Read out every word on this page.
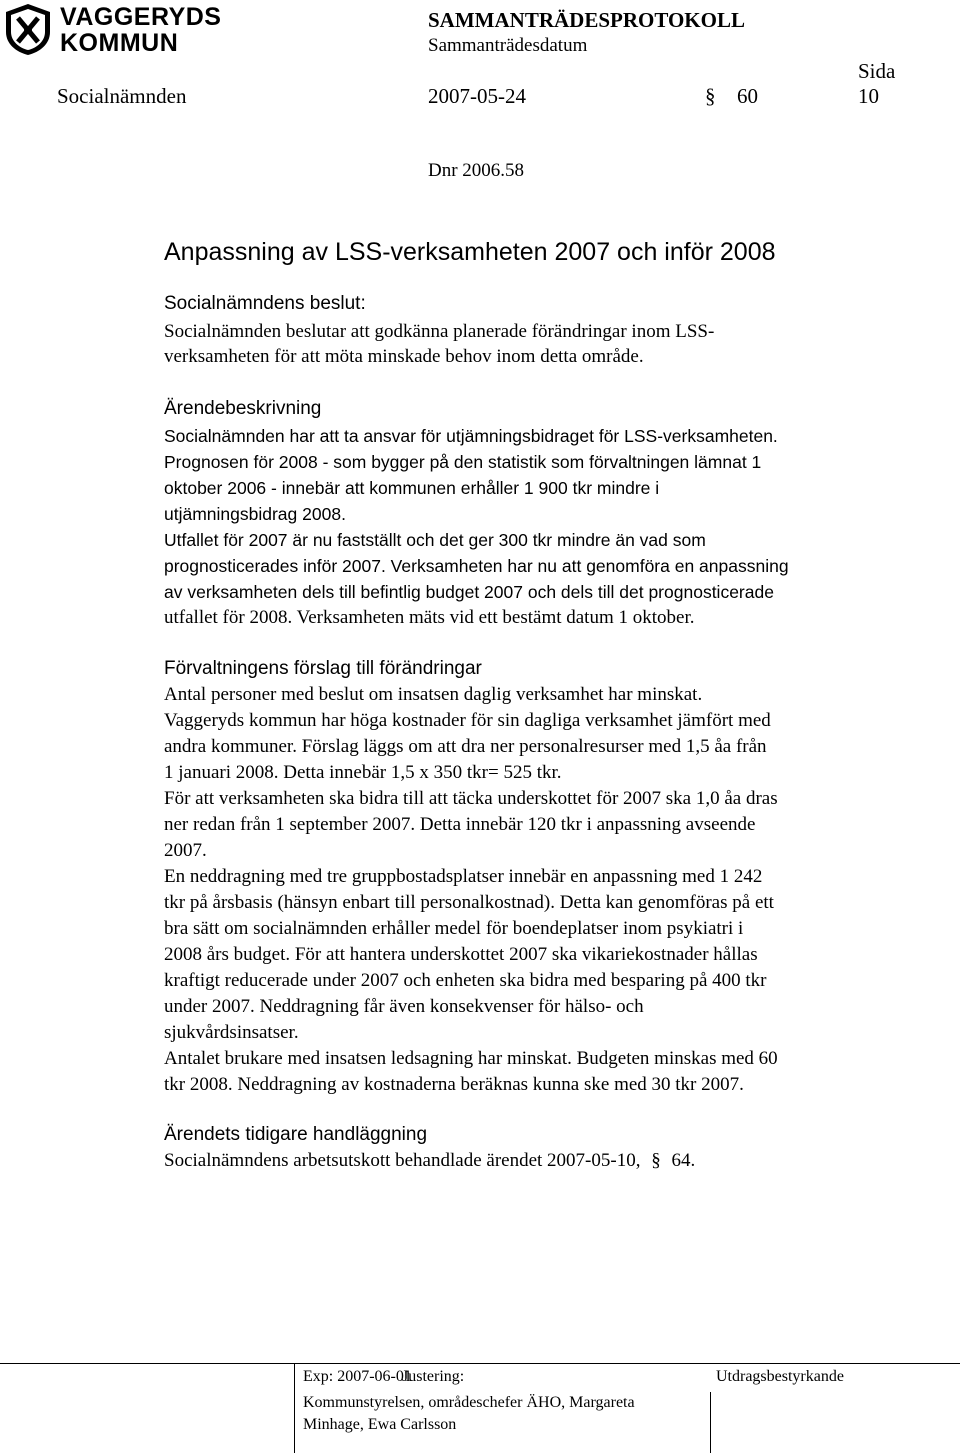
VAGGERYDS
KOMMUN
SAMMANTRÄDESPROTOKOLL
Sammanträdesdatum
Sida
Socialnämnden	2007-05-24	§ 60	10
Dnr 2006.58
Anpassning av LSS-verksamheten 2007 och inför 2008
Socialnämndens beslut:
Socialnämnden beslutar att godkänna planerade förändringar inom LSS-
verksamheten för att möta minskade behov inom detta område.
Ärendebeskrivning
Socialnämnden har att ta ansvar för utjämningsbidraget för LSS-verksamheten.
Prognosen för 2008 - som bygger på den statistik som förvaltningen lämnat 1
oktober 2006 - innebär att kommunen erhåller 1 900 tkr mindre i
utjämningsbidrag 2008.
Utfallet för 2007 är nu fastställt och det ger 300 tkr mindre än vad som
prognosticerades inför 2007. Verksamheten har nu att genomföra en anpassning
av verksamheten dels till befintlig budget 2007 och dels till det prognosticerade
utfallet för 2008. Verksamheten mäts vid ett bestämt datum 1 oktober.
Förvaltningens förslag till förändringar
Antal personer med beslut om insatsen daglig verksamhet har minskat.
Vaggeryds kommun har höga kostnader för sin dagliga verksamhet jämfört med
andra kommuner. Förslag läggs om att dra ner personalresurser med 1,5 åa från
1 januari 2008. Detta innebär 1,5 x 350 tkr= 525 tkr.
För att verksamheten ska bidra till att täcka underskottet för 2007 ska 1,0 åa dras
ner redan från 1 september 2007. Detta innebär 120 tkr i anpassning avseende
2007.
En neddragning med tre gruppbostadsplatser innebär en anpassning med 1 242
tkr på årsbasis (hänsyn enbart till personalkostnad). Detta kan genomföras på ett
bra sätt om socialnämnden erhåller medel för boendeplatser inom psykiatri i
2008 års budget. För att hantera underskottet 2007 ska vikariekostnader hållas
kraftigt reducerade under 2007 och enheten ska bidra med besparing på 400 tkr
under 2007. Neddragning får även konsekvenser för hälso- och
sjukvårdsinsatser.
Antalet brukare med insatsen ledsagning har minskat. Budgeten minskas med 60
tkr 2008. Neddragning av kostnaderna beräknas kunna ske med 30 tkr 2007.
Ärendets tidigare handläggning
Socialnämndens arbetsutskott behandlade ärendet 2007-05-10, § 64.
Justering:
Exp: 2007-06-01
Kommunstyrelsen, områdeschefer ÄHO, Margareta
Minhage, Ewa Carlsson
Utdragsbestyrkande
